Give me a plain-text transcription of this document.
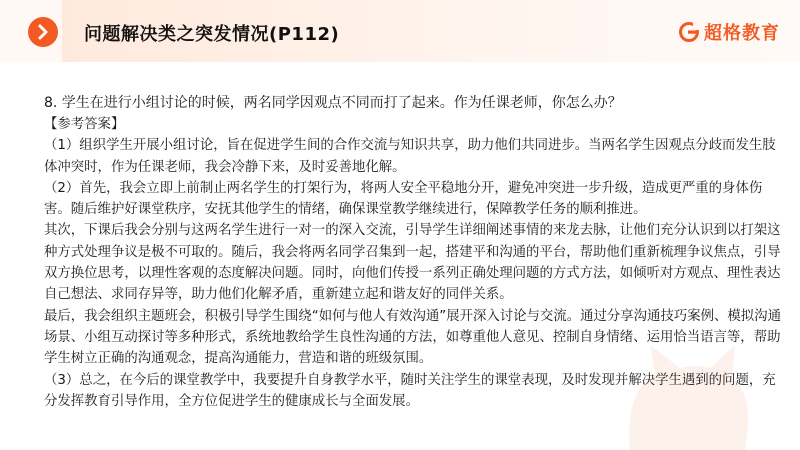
问题解决类之突发情况(P112)	超格教育

8. 学生在进行小组讨论的时候，两名同学因观点不同而打了起来。作为任课老师，你怎么办？

【参考答案】

（1）组织学生开展小组讨论，旨在促进学生间的合作交流与知识共享，助力他们共同进步。当两名学生因观点分歧而发生肢体冲突时，作为任课老师，我会冷静下来，及时妥善地化解。

（2）首先，我会立即上前制止两名学生的打架行为，将两人安全平稳地分开，避免冲突进一步升级，造成更严重的身体伤害。随后维护好课堂秩序，安抚其他学生的情绪，确保课堂教学继续进行，保障教学任务的顺利推进。

其次，下课后我会分别与这两名学生进行一对一的深入交流，引导学生详细阐述事情的来龙去脉，让他们充分认识到以打架这种方式处理争议是极不可取的。随后，我会将两名同学召集到一起，搭建平和沟通的平台，帮助他们重新梳理争议焦点，引导双方换位思考，以理性客观的态度解决问题。同时，向他们传授一系列正确处理问题的方式方法，如倾听对方观点、理性表达自己想法、求同存异等，助力他们化解矛盾，重新建立起和谐友好的同伴关系。

最后，我会组织主题班会，积极引导学生围绕“如何与他人有效沟通”展开深入讨论与交流。通过分享沟通技巧案例、模拟沟通场景、小组互动探讨等多种形式，系统地教给学生良性沟通的方法，如尊重他人意见、控制自身情绪、运用恰当语言等，帮助学生树立正确的沟通观念，提高沟通能力，营造和谐的班级氛围。

（3）总之，在今后的课堂教学中，我要提升自身教学水平，随时关注学生的课堂表现，及时发现并解决学生遇到的问题，充分发挥教育引导作用，全方位促进学生的健康成长与全面发展。
